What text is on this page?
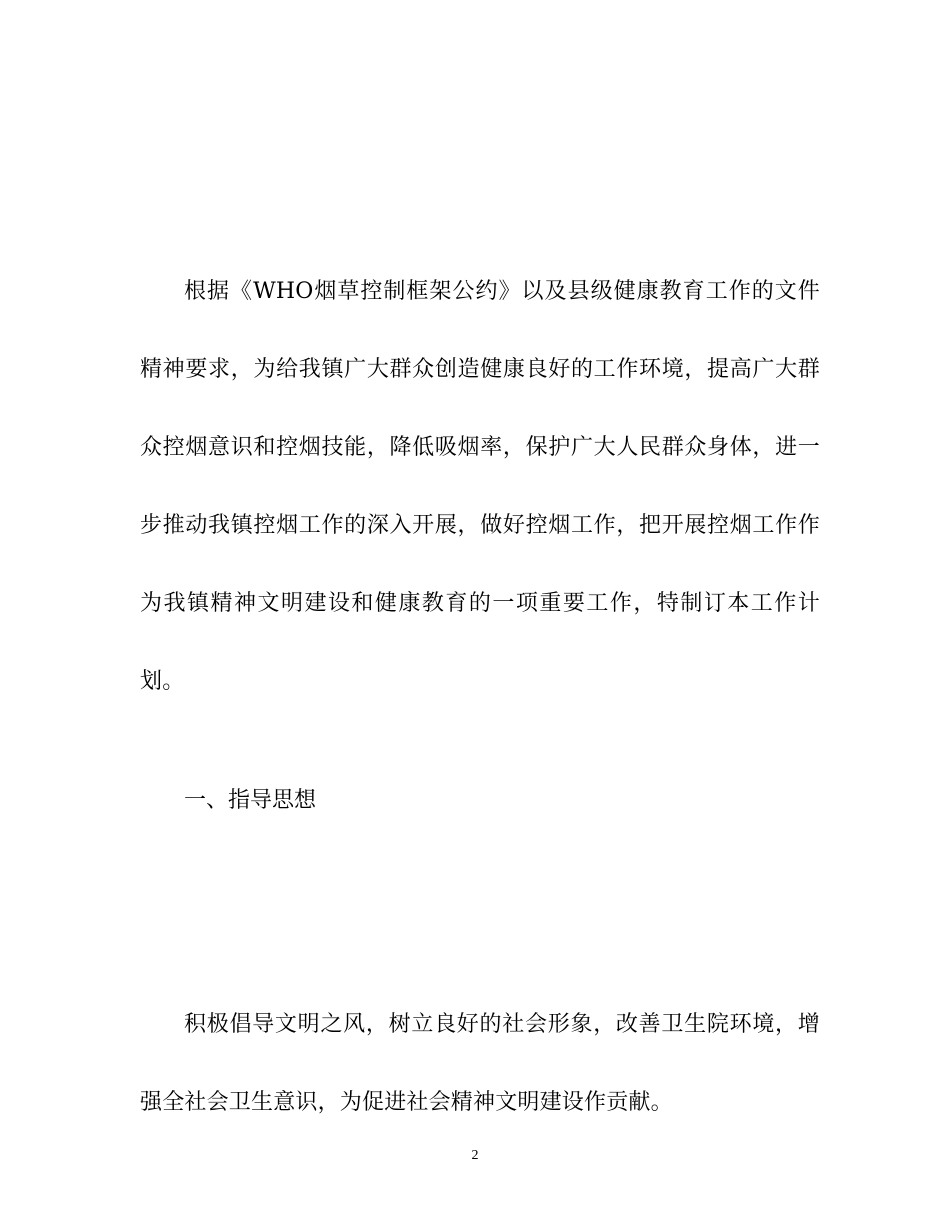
根据《WHO烟草控制框架公约》以及县级健康教育工作的文件精神要求，为给我镇广大群众创造健康良好的工作环境，提高广大群众控烟意识和控烟技能，降低吸烟率，保护广大人民群众身体，进一步推动我镇控烟工作的深入开展，做好控烟工作，把开展控烟工作作为我镇精神文明建设和健康教育的一项重要工作，特制订本工作计划。

一、指导思想

积极倡导文明之风，树立良好的社会形象，改善卫生院环境，增强全社会卫生意识，为促进社会精神文明建设作贡献。

2
